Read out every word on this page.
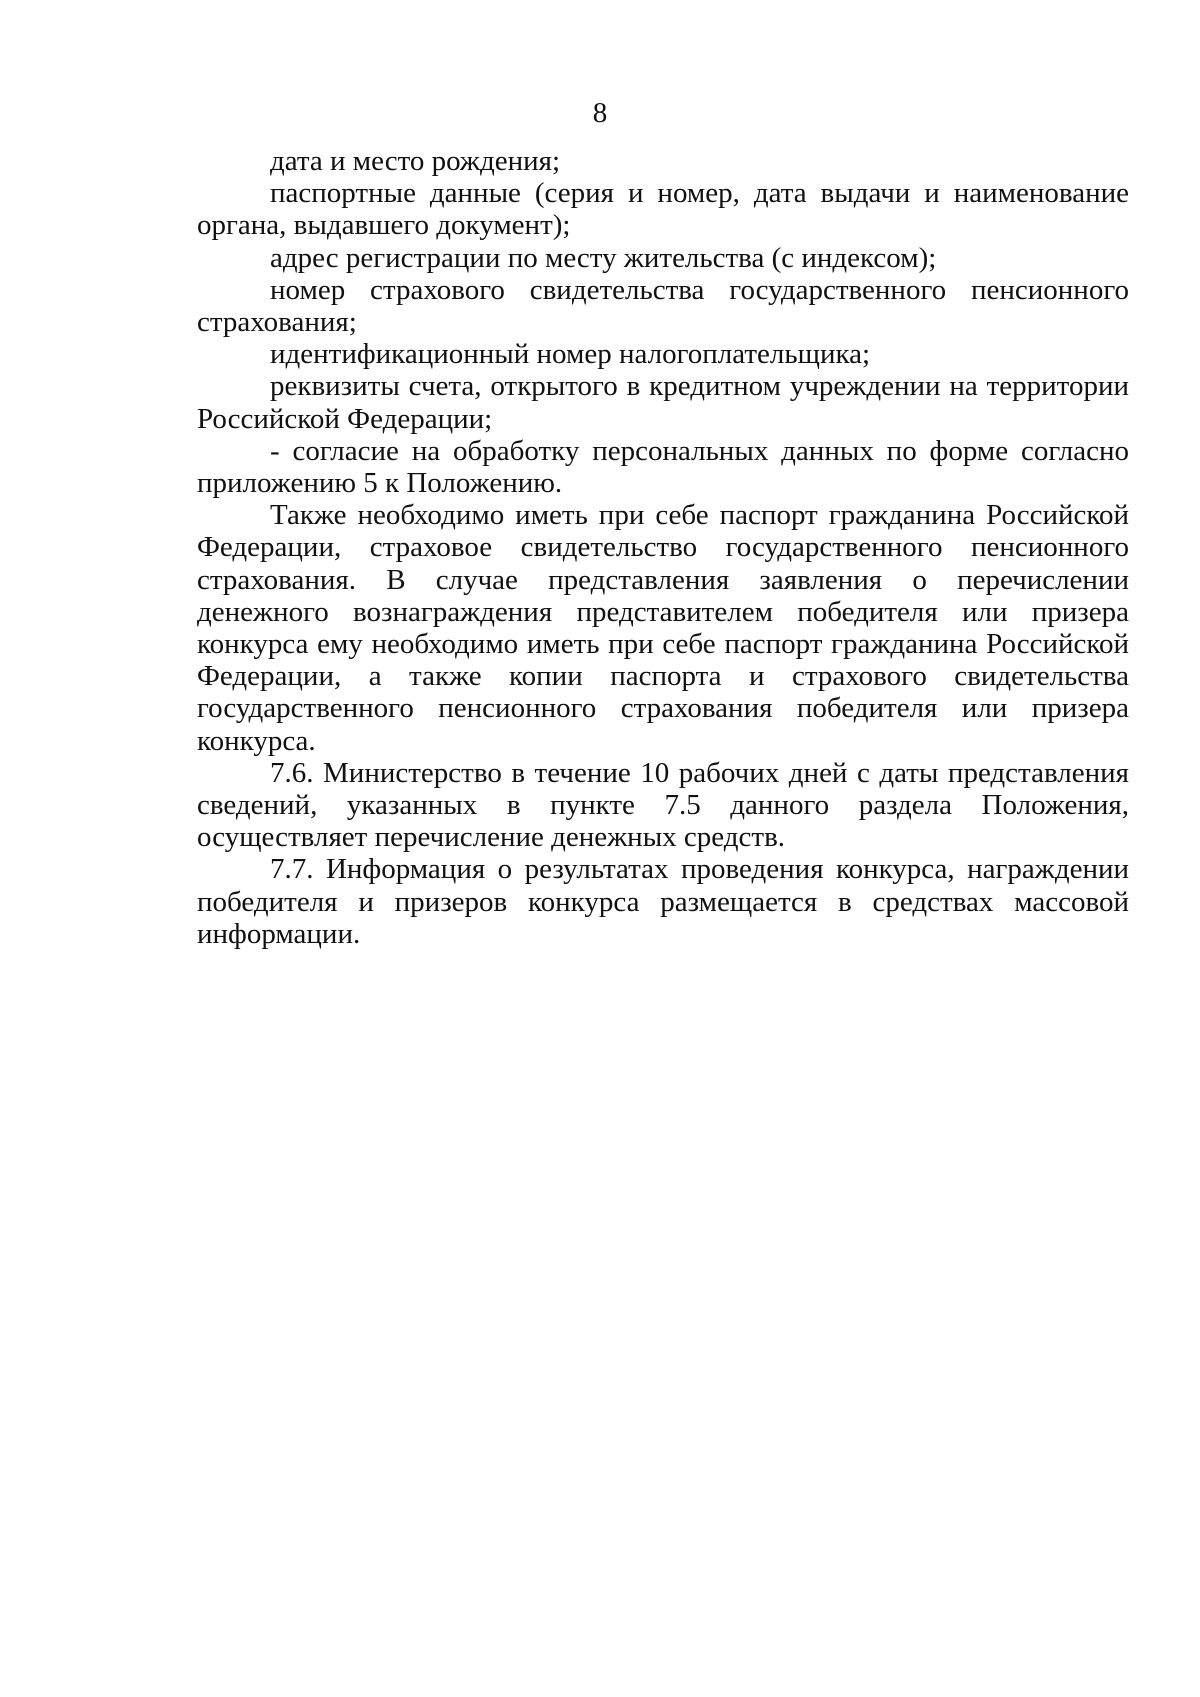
8

дата и место рождения;

паспортные данные (серия и номер, дата выдачи и наименование органа, выдавшего документ);

адрес регистрации по месту жительства (с индексом);

номер страхового свидетельства государственного пенсионного страхования;

идентификационный номер налогоплательщика;

реквизиты счета, открытого в кредитном учреждении на территории Российской Федерации;

- согласие на обработку персональных данных по форме согласно приложению 5 к Положению.

Также необходимо иметь при себе паспорт гражданина Российской Федерации, страховое свидетельство государственного пенсионного страхования. В случае представления заявления о перечислении денежного вознаграждения представителем победителя или призера конкурса ему необходимо иметь при себе паспорт гражданина Российской Федерации, а также копии паспорта и страхового свидетельства государственного пенсионного страхования победителя или призера конкурса.

7.6. Министерство в течение 10 рабочих дней с даты представления сведений, указанных в пункте 7.5 данного раздела Положения, осуществляет перечисление денежных средств.

7.7. Информация о результатах проведения конкурса, награждении победителя и призеров конкурса размещается в средствах массовой информации.
